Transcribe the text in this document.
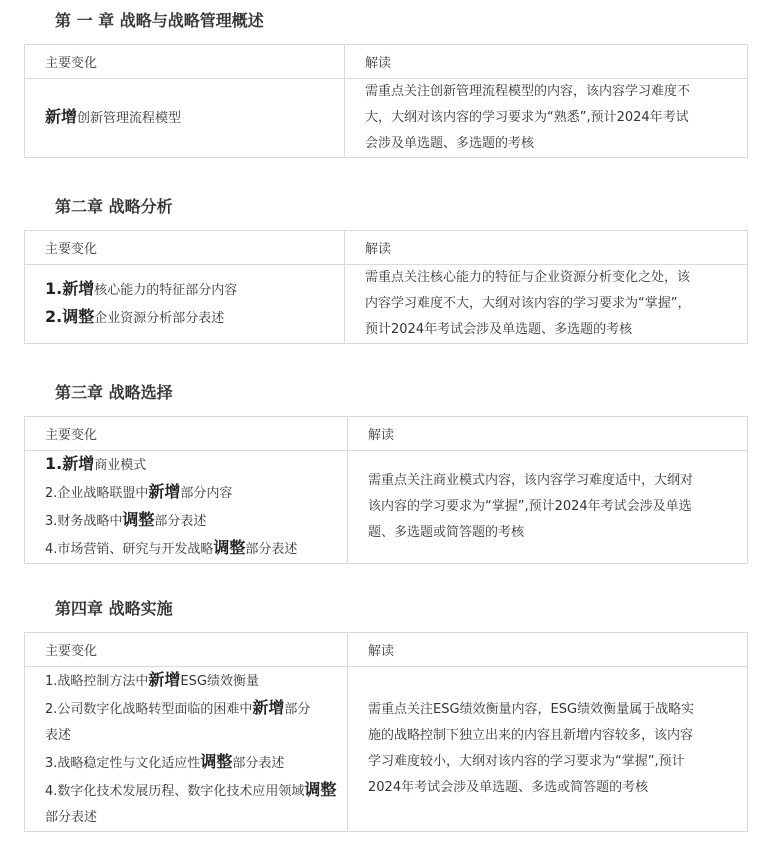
第 一 章 战略与战略管理概述
主要变化	解读

新增创新管理流程模型	需重点关注创新管理流程模型的内容，该内容学习难度不
大，大纲对该内容的学习要求为“熟悉”,预计2024年考试
会涉及单选题、多选题的考核
第二章 战略分析
主要变化	解读

1.新增核心能力的特征部分内容
2.调整企业资源分析部分表述	需重点关注核心能力的特征与企业资源分析变化之处，该
内容学习难度不大，大纲对该内容的学习要求为“掌握”，
预计2024年考试会涉及单选题、多选题的考核
第三章 战略选择
主要变化	解读

1.新增商业模式
2.企业战略联盟中新增部分内容
3.财务战略中调整部分表述
4.市场营销、研究与开发战略调整部分表述	需重点关注商业模式内容，该内容学习难度适中，大纲对
该内容的学习要求为“掌握”,预计2024年考试会涉及单选
题、多选题或简答题的考核
第四章 战略实施
主要变化	解读

1.战略控制方法中新增ESG绩效衡量
2.公司数字化战略转型面临的困难中新增部分
表述
3.战略稳定性与文化适应性调整部分表述
4.数字化技术发展历程、数字化技术应用领域调整部分表述	需重点关注ESG绩效衡量内容，ESG绩效衡量属于战略实
施的战略控制下独立出来的内容且新增内容较多，该内容
学习难度较小，大纲对该内容的学习要求为“掌握”,预计
2024年考试会涉及单选题、多选或简答题的考核
